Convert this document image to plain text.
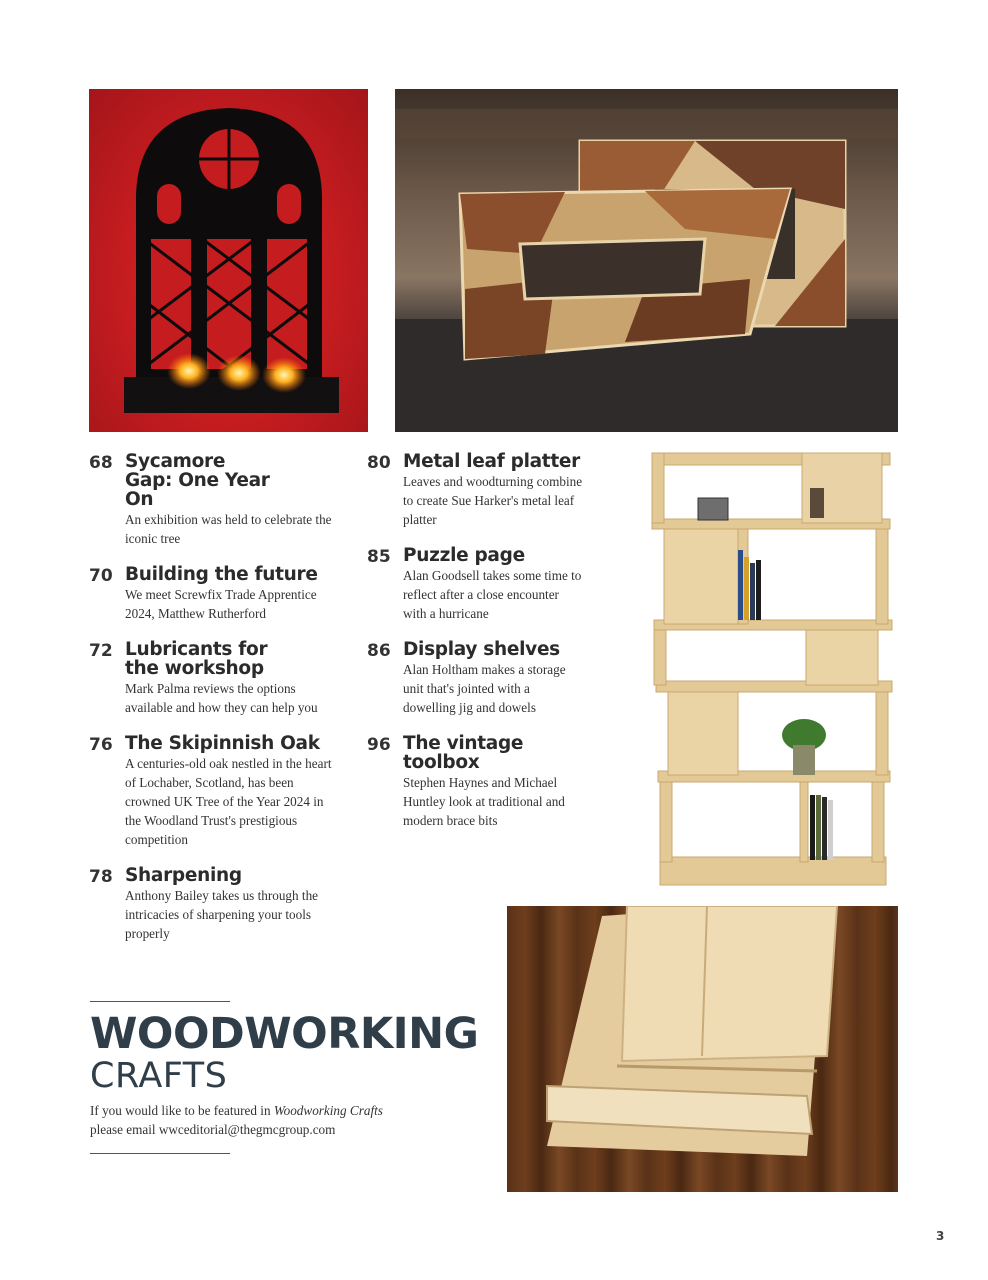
68 Sycamore Gap: One Year On
An exhibition was held to celebrate the iconic tree
70 Building the future
We meet Screwfix Trade Apprentice 2024, Matthew Rutherford
72 Lubricants for the workshop
Mark Palma reviews the options available and how they can help you
76 The Skipinnish Oak
A centuries-old oak nestled in the heart of Lochaber, Scotland, has been crowned UK Tree of the Year 2024 in the Woodland Trust's prestigious competition
78 Sharpening
Anthony Bailey takes us through the intricacies of sharpening your tools properly
80 Metal leaf platter
Leaves and woodturning combine to create Sue Harker's metal leaf platter
85 Puzzle page
Alan Goodsell takes some time to reflect after a close encounter with a hurricane
86 Display shelves
Alan Holtham makes a storage unit that's jointed with a dowelling jig and dowels
96 The vintage toolbox
Stephen Haynes and Michael Huntley look at traditional and modern brace bits
WOODWORKING
CRAFTS
If you would like to be featured in Woodworking Crafts
please email wwceditorial@thegmcgroup.com
3
